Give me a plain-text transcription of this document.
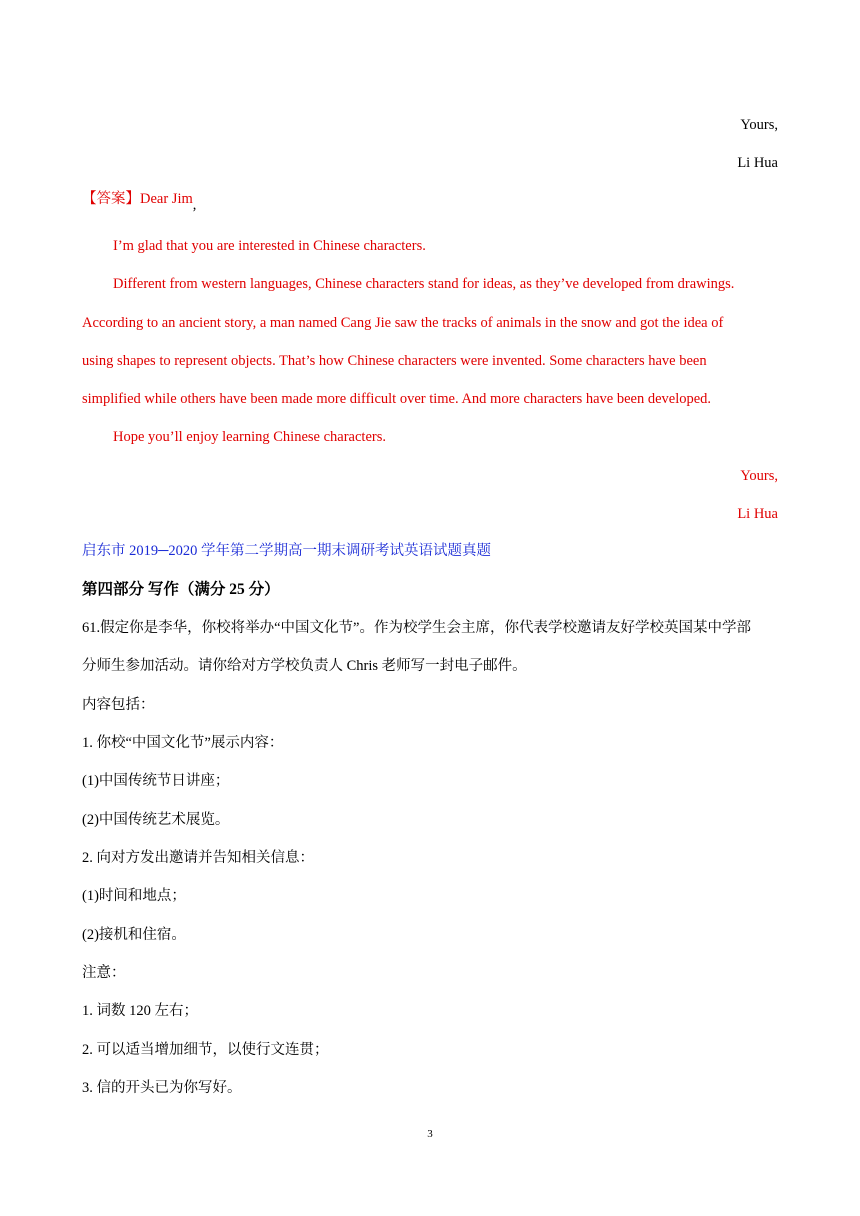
Yours,
Li Hua
【答案】Dear Jim,
I’m glad that you are interested in Chinese characters.
Different from western languages, Chinese characters stand for ideas, as they’ve developed from drawings.
According to an ancient story, a man named Cang Jie saw the tracks of animals in the snow and got the idea of
using shapes to represent objects. That’s how Chinese characters were invented. Some characters have been
simplified while others have been made more difficult over time. And more characters have been developed.
Hope you’ll enjoy learning Chinese characters.
Yours,
Li Hua
启东市 2019─2020 学年第二学期高一期末调研考试英语试题真题
第四部分 写作（满分 25 分）
61.假定你是李华，你校将举办“中国文化节”。作为校学生会主席，你代表学校邀请友好学校英国某中学部
分师生参加活动。请你给对方学校负责人 Chris 老师写一封电子邮件。
内容包括：
1. 你校“中国文化节”展示内容：
(1)中国传统节日讲座；
(2)中国传统艺术展览。
2. 向对方发出邀请并告知相关信息：
(1)时间和地点；
(2)接机和住宿。
注意：
1. 词数 120 左右；
2. 可以适当增加细节，以使行文连贯；
3. 信的开头已为你写好。
3
